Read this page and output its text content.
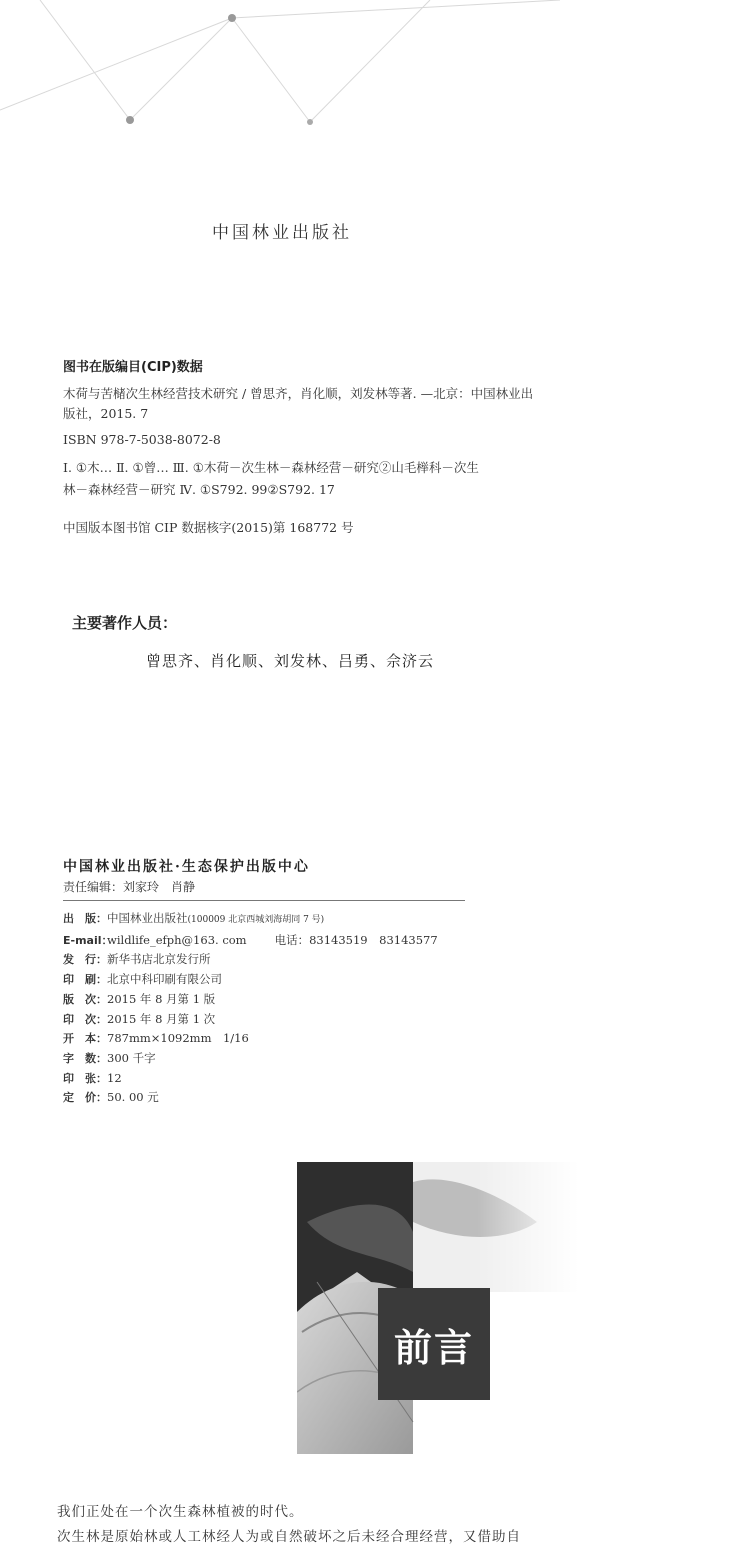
中国林业出版社
图书在版编目(CIP)数据
木荷与苦槠次生林经营技术研究 / 曾思齐，肖化顺，刘发林等著. —北京：中国林业出
版社，2015. 7
ISBN 978-7-5038-8072-8
Ⅰ. ①木… Ⅱ. ①曾… Ⅲ. ①木荷－次生林－森林经营－研究②山毛榉科－次生
林－森林经营－研究 Ⅳ. ①S792. 99②S792. 17
中国版本图书馆 CIP 数据核字(2015)第 168772 号
主要著作人员：
曾思齐、肖化顺、刘发林、吕勇、佘济云
中国林业出版社·生态保护出版中心
责任编辑：刘家玲　肖静
出　版：中国林业出版社(100009 北京西城刘海胡同 7 号)
E-mail：wildlife_efph@163. com 电话：83143519　83143577
发　行：新华书店北京发行所
印　刷：北京中科印刷有限公司
版　次：2015 年 8 月第 1 版
印　次：2015 年 8 月第 1 次
开　本：787mm×1092mm　1/16
字　数：300 千字
印　张：12
定　价：50. 00 元
前言
我们正处在一个次生森林植被的时代。
次生林是原始林或人工林经人为或自然破坏之后未经合理经营，又借助自
